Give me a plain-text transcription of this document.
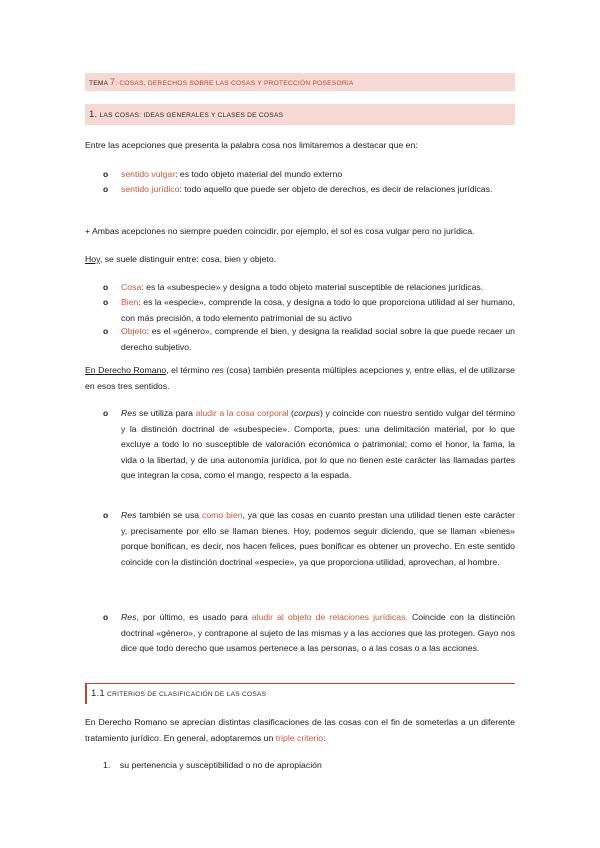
TEMA 7: COSAS, DERECHOS SOBRE LAS COSAS Y PROTECCIÓN POSESORIA
1. LAS COSAS: IDEAS GENERALES Y CLASES DE COSAS
Entre las acepciones que presenta la palabra cosa nos limitaremos a destacar que en:
o sentido vulgar: es todo objeto material del mundo externo
o sentido jurídico: todo aquello que puede ser objeto de derechos, es decir de relaciones jurídicas.
+ Ambas acepciones no siempre pueden coincidir, por ejemplo, el sol es cosa vulgar pero no jurídica.
Hoy, se suele distinguir entre: cosa, bien y objeto.
o Cosa: es la «subespecie» y designa a todo objeto material susceptible de relaciones jurídicas.
o Bien: es la «especie», comprende la cosa, y designa a todo lo que proporciona utilidad al ser humano, con más precisión, a todo elemento patrimonial de su activo
o Objeto: es el «género», comprende el bien, y designa la realidad social sobre la que puede recaer un derecho subjetivo.
En Derecho Romano, el término res (cosa) también presenta múltiples acepciones y, entre ellas, el de utilizarse en esos tres sentidos.
o Res se utiliza para aludir a la cosa corporal (corpus) y coincide con nuestro sentido vulgar del término y la distinción doctrinal de «subespecie». Comporta, pues: una delimitación material, por lo que excluye a todo lo no susceptible de valoración económica o patrimonial; como el honor, la fama, la vida o la libertad, y de una autonomía jurídica, por lo que no tienen este carácter las llamadas partes que integran la cosa, como el mango, respecto a la espada.
o Res también se usa como bien, ya que las cosas en cuanto prestan una utilidad tienen este carácter y, precisamente por ello se llaman bienes. Hoy, podemos seguir diciendo, que se llaman «bienes» porque bonifican, es decir, nos hacen felices, pues bonificar es obtener un provecho. En este sentido coincide con la distinción doctrinal «especie», ya que proporciona utilidad, aprovechan, al hombre.
o Res, por último, es usado para aludir al objeto de relaciones jurídicas. Coincide con la distinción doctrinal «género», y contrapone al sujeto de las mismas y a las acciones que las protegen. Gayo nos dice que todo derecho que usamos pertenece a las personas, o a las cosas o a las acciones.
1.1 CRITERIOS DE CLASIFICACIÓN DE LAS COSAS
En Derecho Romano se aprecian distintas clasificaciones de las cosas con el fin de someterlas a un diferente tratamiento jurídico. En general, adoptaremos un triple criterio:
1. su pertenencia y susceptibilidad o no de apropiación
